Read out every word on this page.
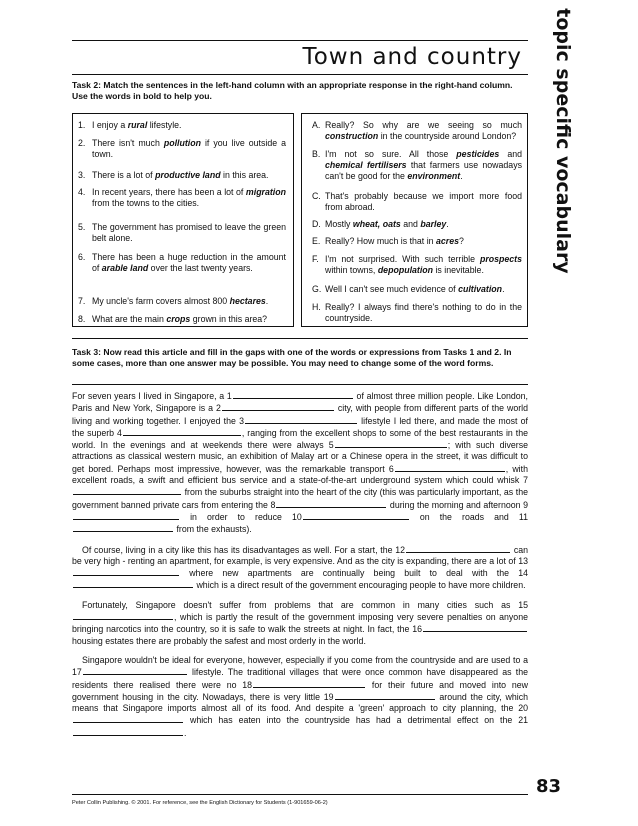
Town and country topic specific vocabulary
Task 2: Match the sentences in the left-hand column with an appropriate response in the right-hand column. Use the words in bold to help you.
1. I enjoy a rural lifestyle.
2. There isn't much pollution if you live outside a town.
3. There is a lot of productive land in this area.
4. In recent years, there has been a lot of migration from the towns to the cities.
5. The government has promised to leave the green belt alone.
6. There has been a huge reduction in the amount of arable land over the last twenty years.
7. My uncle's farm covers almost 800 hectares.
8. What are the main crops grown in this area?
A. Really? So why are we seeing so much construction in the countryside around London?
B. I'm not so sure. All those pesticides and chemical fertilisers that farmers use nowadays can't be good for the environment.
C. That's probably because we import more food from abroad.
D. Mostly wheat, oats and barley.
E. Really? How much is that in acres?
F. I'm not surprised. With such terrible prospects within towns, depopulation is inevitable.
G. Well I can't see much evidence of cultivation.
H. Really? I always find there's nothing to do in the countryside.
Task 3: Now read this article and fill in the gaps with one of the words or expressions from Tasks 1 and 2. In some cases, more than one answer may be possible. You may need to change some of the word forms.

For seven years I lived in Singapore, a 1	of almost three million people. Like London, Paris and New York, Singapore is a 2	city, with people from different parts of the world living and working together. I enjoyed the 3	lifestyle I led there, and made the most of the superb 4	, ranging from the excellent shops to some of the best restaurants in the world. In the evenings and at weekends there were always 5	; with such diverse attractions as classical western music, an exhibition of Malay art or a Chinese opera in the street, it was difficult to get bored. Perhaps most impressive, however, was the remarkable transport 6	, with excellent roads, a swift and efficient bus service and a state-of-the-art underground system which could whisk 7 from the suburbs straight into the heart of the city (this was particularly important, as the government banned private cars from entering the 8	during the morning and afternoon 9 in order to reduce 10	on the roads and 11 from the exhausts).

Of course, living in a city like this has its disadvantages as well. For a start, the 12	can be very high - renting an apartment, for example, is very expensive. And as the city is expanding, there are a lot of 13 where new apartments are continually being built to deal with the 14 which is a direct result of the government encouraging people to have more children.

Fortunately, Singapore doesn't suffer from problems that are common in many cities such as 15, which is partly the result of the government imposing very severe penalties on anyone bringing narcotics into the country, so it is safe to walk the streets at night. In fact, the 16 housing estates there are probably the safest and most orderly in the world.

Singapore wouldn't be ideal for everyone, however, especially if you come from the countryside and are used to a 17	lifestyle. The traditional villages that were once common have disappeared as the residents there realised there were no 18	for their future and moved into new government housing in the city. Nowadays, there is very little 19	around the city, which means that Singapore imports almost all of its food. And despite a 'green' approach to city planning, the 20 which has eaten into the countryside has had a detrimental effect on the 21.

83
Peter Collin Publishing. © 2001. For reference, see the English Dictionary for Students (1-901659-06-2)
